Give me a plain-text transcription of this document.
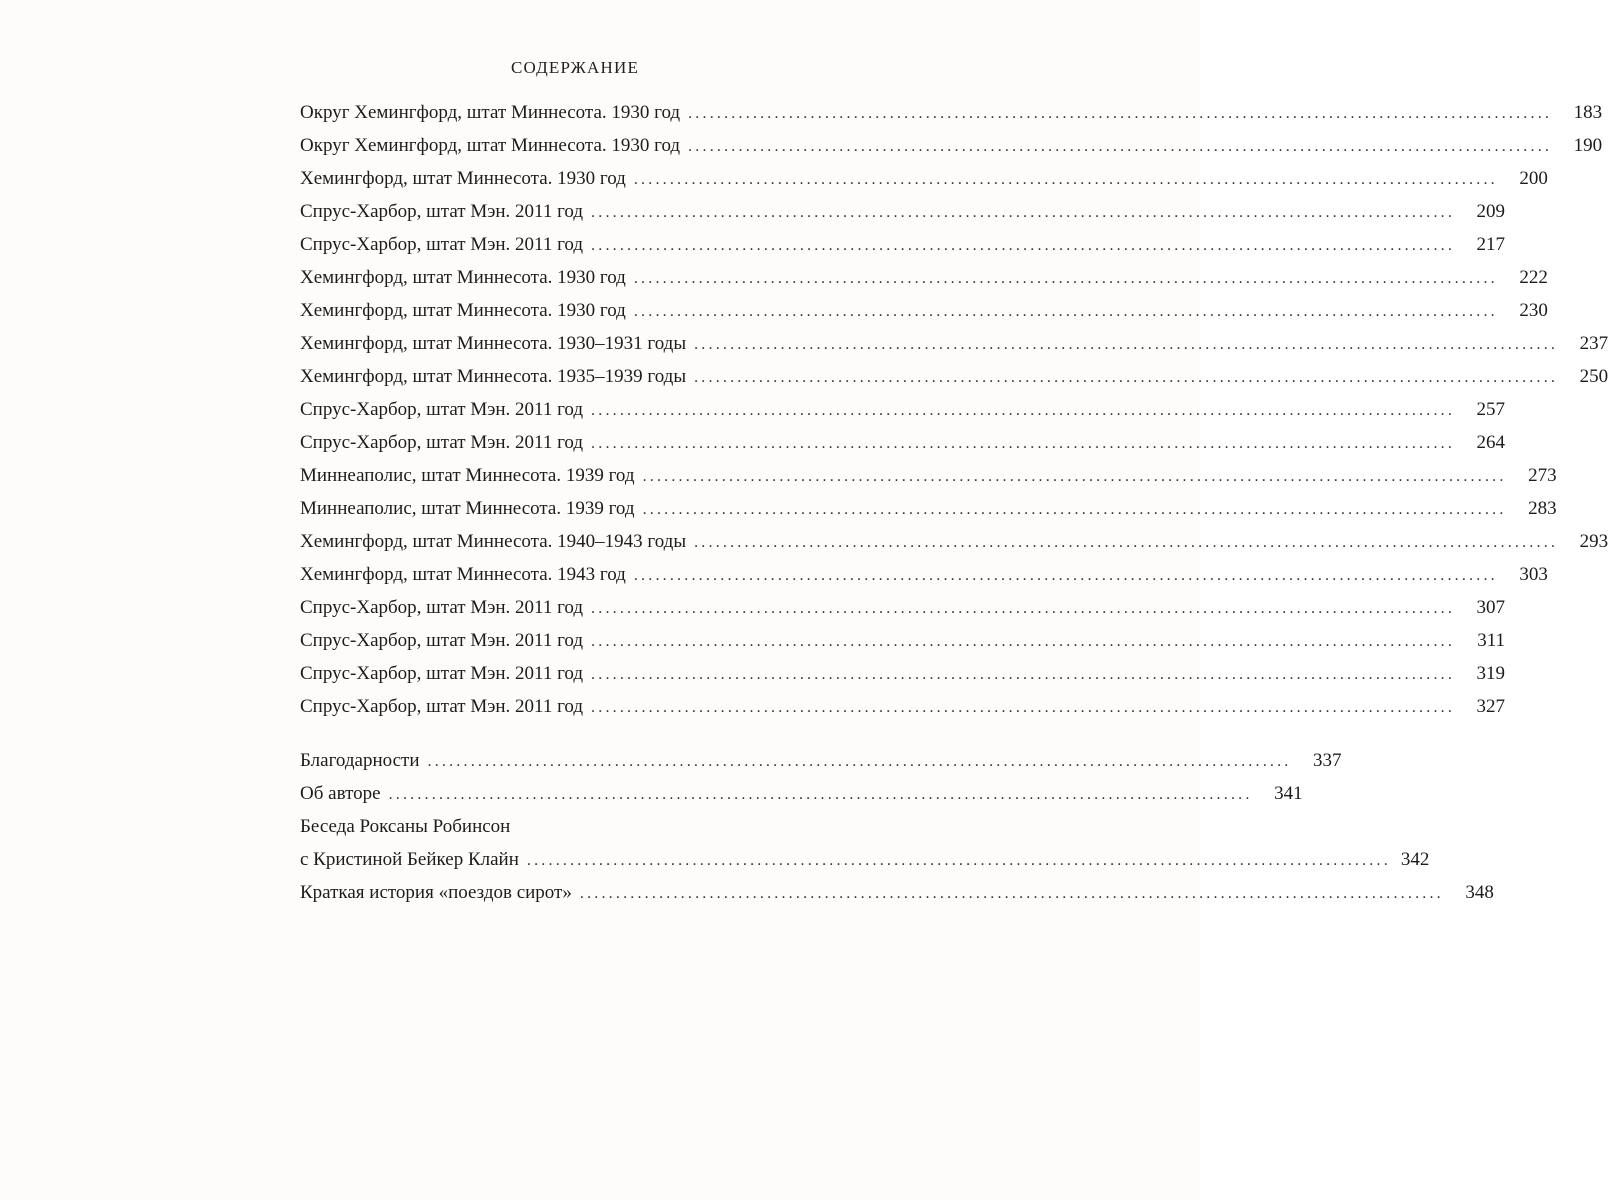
СОДЕРЖАНИЕ
Округ Хемингфорд, штат Миннесота. 1930 год ........................................................................................................................	183
Округ Хемингфорд, штат Миннесота. 1930 год ........................................................................................................................	190
Хемингфорд, штат Миннесота. 1930 год ........................................................................................................................	200
Спрус-Харбор, штат Мэн. 2011 год ........................................................................................................................	209
Спрус-Харбор, штат Мэн. 2011 год ........................................................................................................................	217
Хемингфорд, штат Миннесота. 1930 год ........................................................................................................................	222
Хемингфорд, штат Миннесота. 1930 год ........................................................................................................................	230
Хемингфорд, штат Миннесота. 1930–1931 годы ........................................................................................................................	237
Хемингфорд, штат Миннесота. 1935–1939 годы ........................................................................................................................	250
Спрус-Харбор, штат Мэн. 2011 год ........................................................................................................................	257
Спрус-Харбор, штат Мэн. 2011 год ........................................................................................................................	264
Миннеаполис, штат Миннесота. 1939 год ........................................................................................................................	273
Миннеаполис, штат Миннесота. 1939 год ........................................................................................................................	283
Хемингфорд, штат Миннесота. 1940–1943 годы ........................................................................................................................	293
Хемингфорд, штат Миннесота. 1943 год ........................................................................................................................	303
Спрус-Харбор, штат Мэн. 2011 год ........................................................................................................................	307
Спрус-Харбор, штат Мэн. 2011 год ........................................................................................................................	311
Спрус-Харбор, штат Мэн. 2011 год ........................................................................................................................	319
Спрус-Харбор, штат Мэн. 2011 год ........................................................................................................................	327
Благодарности ........................................................................................................................	337
Об авторе ........................................................................................................................	341
Беседа Роксаны Робинсон
с Кристиной Бейкер Клайн ........................................................................................................................ 342
Краткая история «поездов сирот» ........................................................................................................................	348
